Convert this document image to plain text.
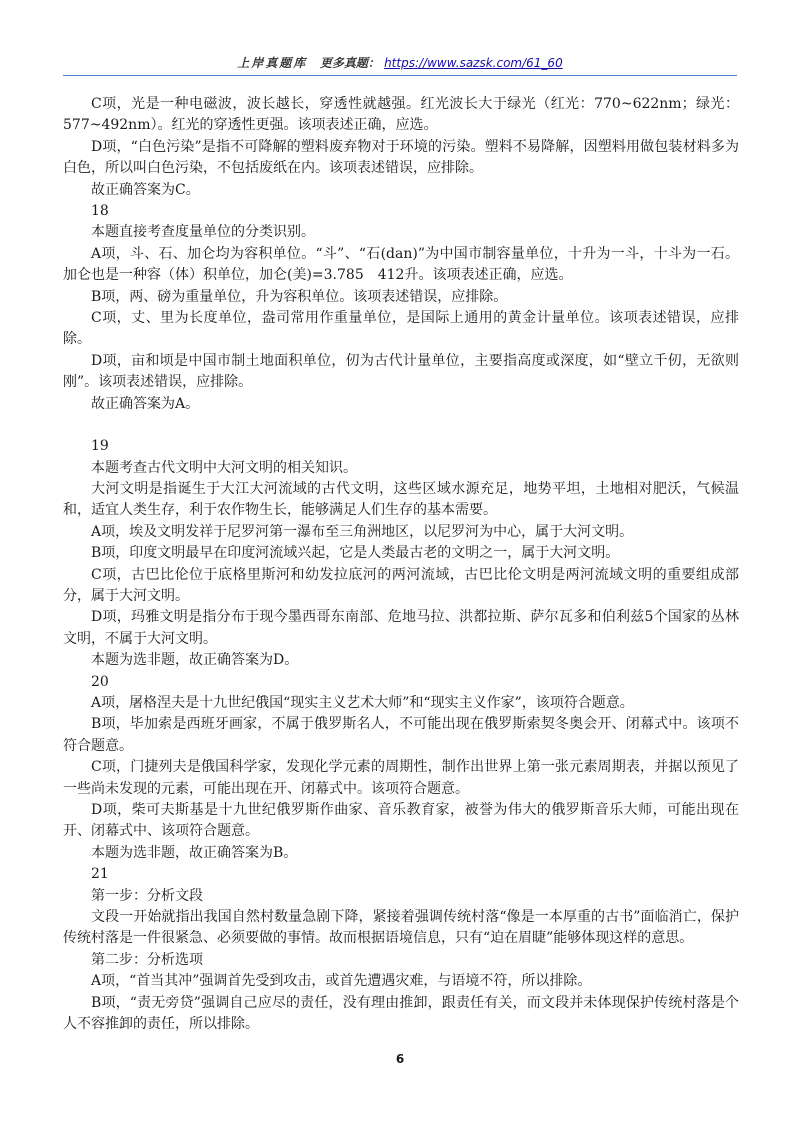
上岸真题库 更多真题： https://www.sazsk.com/61_60

C项，光是一种电磁波，波长越长，穿透性就越强。红光波长大于绿光（红光：770~622nm；绿光：577~492nm）。红光的穿透性更强。该项表述正确，应选。

D项，“白色污染”是指不可降解的塑料废弃物对于环境的污染。塑料不易降解，因塑料用做包装材料多为白色，所以叫白色污染，不包括废纸在内。该项表述错误，应排除。

故正确答案为C。

18

本题直接考查度量单位的分类识别。

A项，斗、石、加仑均为容积单位。“斗”、“石(dan)”为中国市制容量单位，十升为一斗，十斗为一石。加仑也是一种容（体）积单位，加仑(美)=3.785　412升。该项表述正确，应选。

B项，两、磅为重量单位，升为容积单位。该项表述错误，应排除。

C项，丈、里为长度单位，盎司常用作重量单位，是国际上通用的黄金计量单位。该项表述错误，应排除。

D项，亩和顷是中国市制土地面积单位，仞为古代计量单位，主要指高度或深度，如“壁立千仞，无欲则刚”。该项表述错误，应排除。

故正确答案为A。

19

本题考查古代文明中大河文明的相关知识。

大河文明是指诞生于大江大河流域的古代文明，这些区域水源充足，地势平坦，土地相对肥沃，气候温和，适宜人类生存，利于农作物生长，能够满足人们生存的基本需要。

A项，埃及文明发祥于尼罗河第一瀑布至三角洲地区，以尼罗河为中心，属于大河文明。

B项，印度文明最早在印度河流域兴起，它是人类最古老的文明之一，属于大河文明。

C项，古巴比伦位于底格里斯河和幼发拉底河的两河流域，古巴比伦文明是两河流域文明的重要组成部分，属于大河文明。

D项，玛雅文明是指分布于现今墨西哥东南部、危地马拉、洪都拉斯、萨尔瓦多和伯利兹5个国家的丛林文明，不属于大河文明。

本题为选非题，故正确答案为D。

20

A项，屠格涅夫是十九世纪俄国“现实主义艺术大师”和“现实主义作家”，该项符合题意。

B项，毕加索是西班牙画家，不属于俄罗斯名人，不可能出现在俄罗斯索契冬奥会开、闭幕式中。该项不符合题意。

C项，门捷列夫是俄国科学家，发现化学元素的周期性，制作出世界上第一张元素周期表，并据以预见了一些尚未发现的元素，可能出现在开、闭幕式中。该项符合题意。

D项，柴可夫斯基是十九世纪俄罗斯作曲家、音乐教育家，被誉为伟大的俄罗斯音乐大师，可能出现在开、闭幕式中、该项符合题意。

本题为选非题，故正确答案为B。

21

第一步：分析文段

文段一开始就指出我国自然村数量急剧下降，紧接着强调传统村落“像是一本厚重的古书”面临消亡，保护传统村落是一件很紧急、必须要做的事情。故而根据语境信息，只有“迫在眉睫”能够体现这样的意思。

第二步：分析选项

A项，“首当其冲”强调首先受到攻击，或首先遭遇灾难，与语境不符，所以排除。

B项，“责无旁贷”强调自己应尽的责任，没有理由推卸，跟责任有关，而文段并未体现保护传统村落是个人不容推卸的责任，所以排除。

6
